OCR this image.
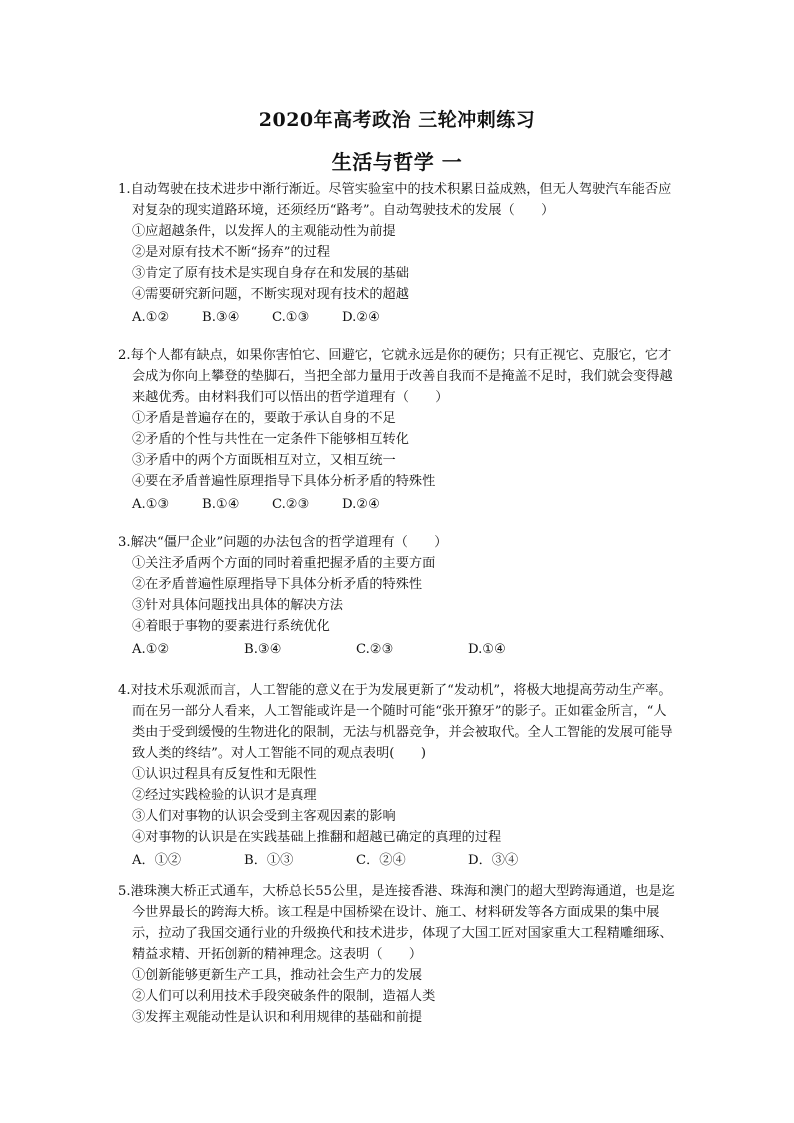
2020年高考政治 三轮冲刺练习
生活与哲学 一

1.自动驾驶在技术进步中渐行渐近。尽管实验室中的技术积累日益成熟，但无人驾驶汽车能否应对复杂的现实道路环境，还须经历“路考”。自动驾驶技术的发展（　　）

①应超越条件，以发挥人的主观能动性为前提

②是对原有技术不断“扬弃”的过程

③肯定了原有技术是实现自身存在和发展的基础

④需要研究新问题，不断实现对现有技术的超越

A.①②	B.③④	C.①③	D.②④

2.每个人都有缺点，如果你害怕它、回避它，它就永远是你的硬伤；只有正视它、克服它，它才会成为你向上攀登的垫脚石，当把全部力量用于改善自我而不是掩盖不足时，我们就会变得越来越优秀。由材料我们可以悟出的哲学道理有（　　）

①矛盾是普遍存在的，要敢于承认自身的不足

②矛盾的个性与共性在一定条件下能够相互转化

③矛盾中的两个方面既相互对立，又相互统一

④要在矛盾普遍性原理指导下具体分析矛盾的特殊性

A.①③	B.①④	C.②③	D.②④

3.解决“僵尸企业”问题的办法包含的哲学道理有（　　）

①关注矛盾两个方面的同时着重把握矛盾的主要方面

②在矛盾普遍性原理指导下具体分析矛盾的特殊性

③针对具体问题找出具体的解决方法

④着眼于事物的要素进行系统优化

A.①②	B.③④	C.②③	D.①④

4.对技术乐观派而言，人工智能的意义在于为发展更新了“发动机”，将极大地提高劳动生产率。而在另一部分人看来，人工智能或许是一个随时可能“张开獠牙”的影子。正如霍金所言，“人类由于受到缓慢的生物进化的限制，无法与机器竞争，并会被取代。全人工智能的发展可能导致人类的终结”。对人工智能不同的观点表明(　　)

①认识过程具有反复性和无限性

②经过实践检验的认识才是真理

③人们对事物的认识会受到主客观因素的影响

④对事物的认识是在实践基础上推翻和超越已确定的真理的过程

A．①②	B．①③	C．②④	D．③④

5.港珠澳大桥正式通车，大桥总长55公里，是连接香港、珠海和澳门的超大型跨海通道，也是迄今世界最长的跨海大桥。该工程是中国桥梁在设计、施工、材料研发等各方面成果的集中展示，拉动了我国交通行业的升级换代和技术进步，体现了大国工匠对国家重大工程精雕细琢、精益求精、开拓创新的精神理念。这表明（　　）

①创新能够更新生产工具，推动社会生产力的发展

②人们可以利用技术手段突破条件的限制，造福人类

③发挥主观能动性是认识和利用规律的基础和前提
